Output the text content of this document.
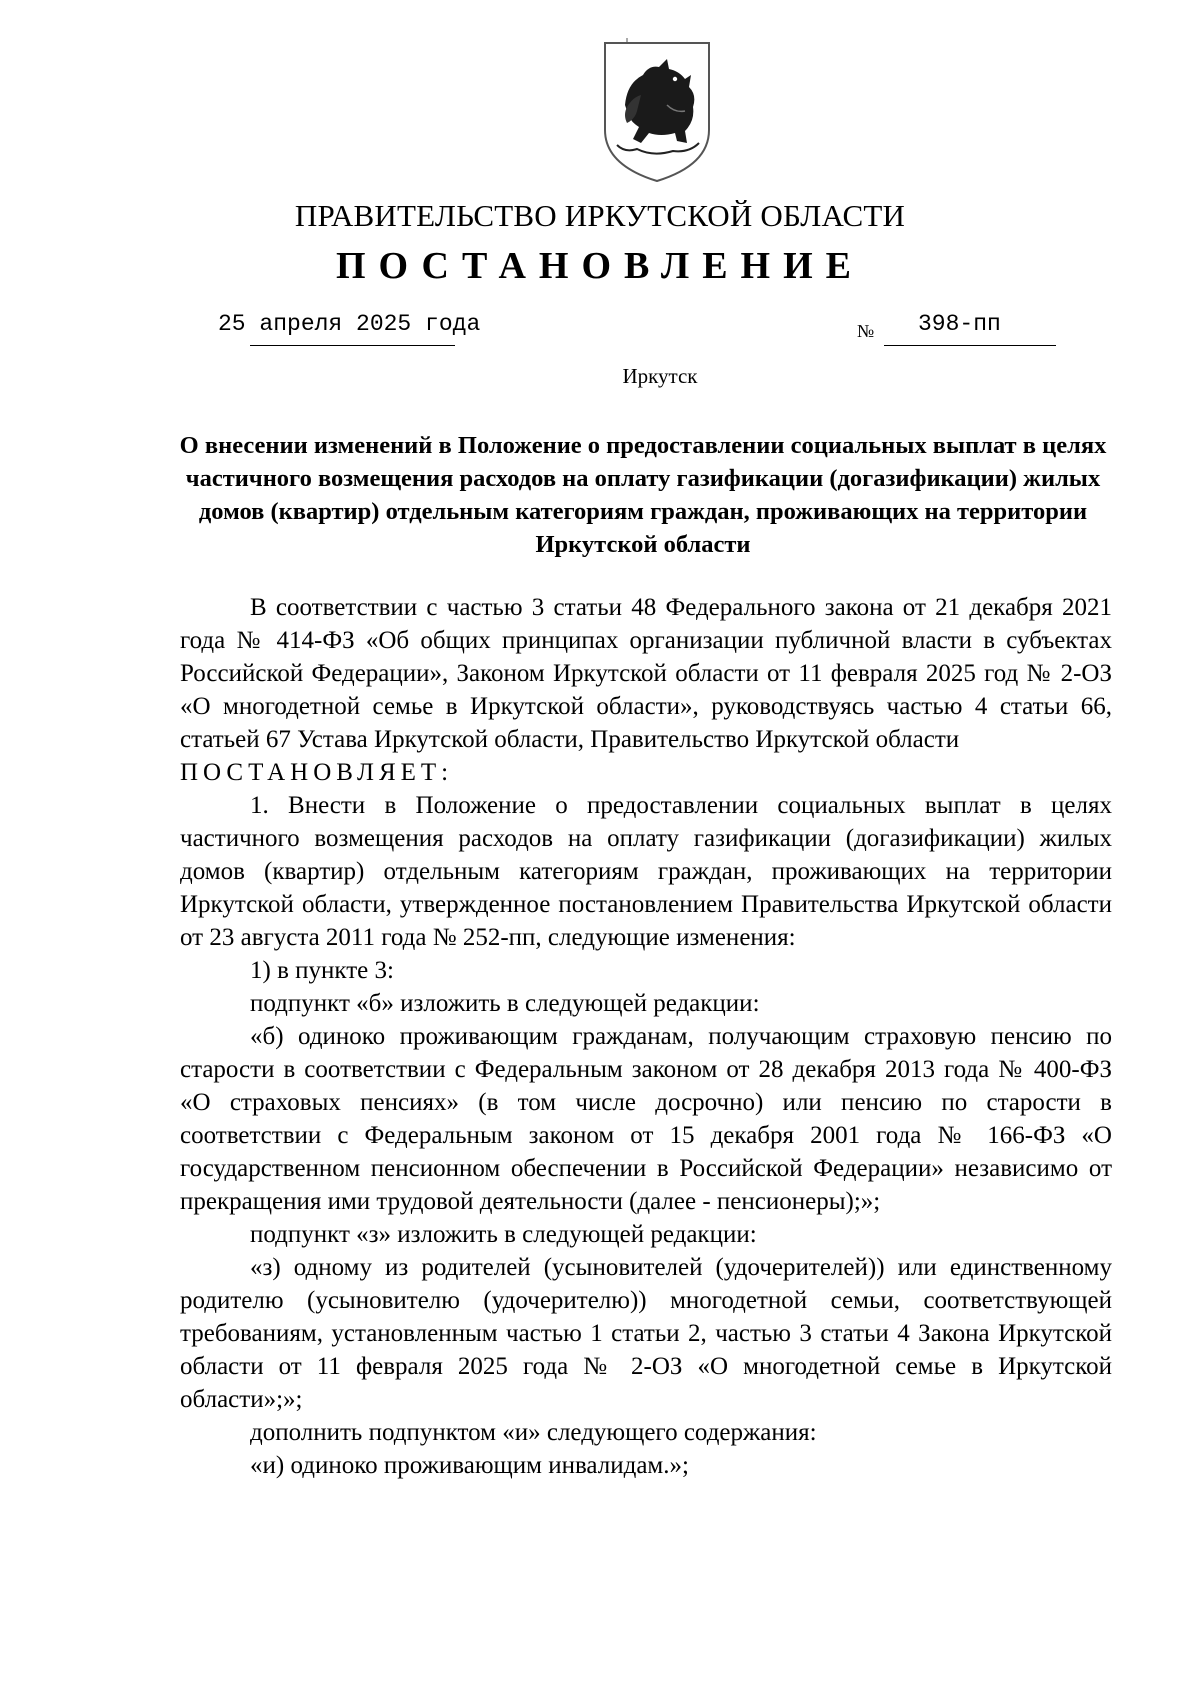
ПРАВИТЕЛЬСТВО ИРКУТСКОЙ ОБЛАСТИ
ПОСТАНОВЛЕНИЕ
25 апреля 2025 года	№ 398-пп
Иркутск
О внесении изменений в Положение о предоставлении социальных выплат в целях частичного возмещения расходов на оплату газификации (догазификации) жилых домов (квартир) отдельным категориям граждан, проживающих на территории Иркутской области

В соответствии с частью 3 статьи 48 Федерального закона от 21 декабря 2021 года № 414-ФЗ «Об общих принципах организации публичной власти в субъектах Российской Федерации», Законом Иркутской области от 11 февраля 2025 год № 2-ОЗ «О многодетной семье в Иркутской области», руководствуясь частью 4 статьи 66, статьей 67 Устава Иркутской области, Правительство Иркутской области

ПОСТАНОВЛЯЕТ:

1. Внести в Положение о предоставлении социальных выплат в целях частичного возмещения расходов на оплату газификации (догазификации) жилых домов (квартир) отдельным категориям граждан, проживающих на территории Иркутской области, утвержденное постановлением Правительства Иркутской области от 23 августа 2011 года № 252-пп, следующие изменения:

1) в пункте 3:

подпункт «б» изложить в следующей редакции:

«б) одиноко проживающим гражданам, получающим страховую пенсию по старости в соответствии с Федеральным законом от 28 декабря 2013 года № 400-ФЗ «О страховых пенсиях» (в том числе досрочно) или пенсию по старости в соответствии с Федеральным законом от 15 декабря 2001 года № 166-ФЗ «О государственном пенсионном обеспечении в Российской Федерации» независимо от прекращения ими трудовой деятельности (далее - пенсионеры);»;

подпункт «з» изложить в следующей редакции:

«з) одному из родителей (усыновителей (удочерителей)) или единственному родителю (усыновителю (удочерителю)) многодетной семьи, соответствующей требованиям, установленным частью 1 статьи 2, частью 3 статьи 4 Закона Иркутской области от 11 февраля 2025 года № 2-ОЗ «О многодетной семье в Иркутской области»;»;

дополнить подпунктом «и» следующего содержания:

«и) одиноко проживающим инвалидам.»;
